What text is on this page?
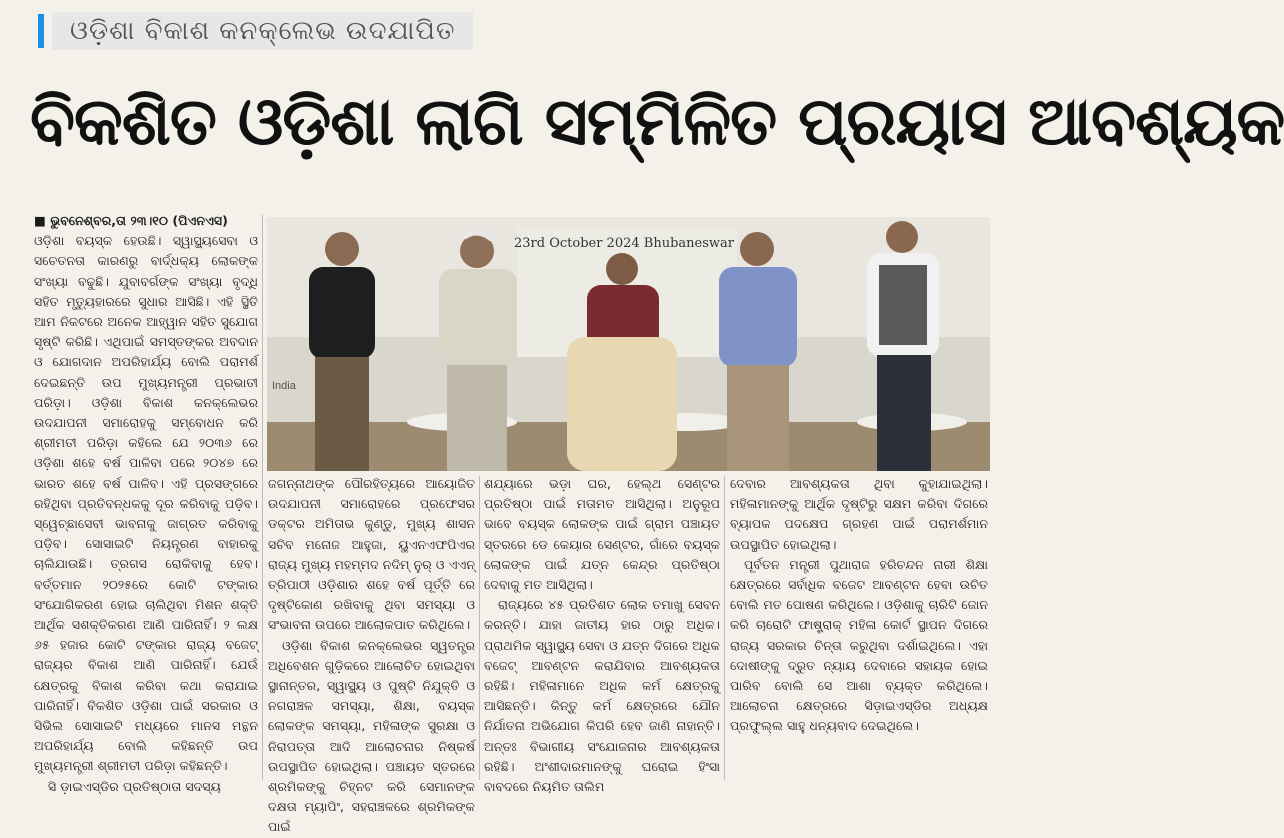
ଓଡ଼ିଶା ବିକାଶ କନକ୍ଲେଭ ଉଦଯାପିତ
ବିକଶିତ ଓଡ଼ିଶା ଲାଗି ସମ୍ମିଳିତ ପ୍ରୟାସ ଆବଶ୍ୟକ

■ ଭୁବନେଶ୍ବର,ତା ୨୩।୧୦ (ପିଏନଏସ)

ଓଡ଼ିଶା ବୟସ୍କ ହେଉଛି। ସ୍ୱାସ୍ଥ୍ୟସେବା ଓ ସଚେତନତା କାରଣରୁ ବାର୍ଦ୍ଧକ୍ୟ ଲୋକଙ୍କ ସଂଖ୍ୟା ବଢୁଛି। ଯୁବାବର୍ଗଙ୍କ ସଂଖ୍ୟା ବୃଦ୍ଧି ସହିତ ମୃତ୍ୟୁହାରରେ ସୁଧାର ଆସିଛି। ଏହି ସ୍ଥିତି ଆମ ନିକଟରେ ଅନେକ ଆହ୍ୱାନ ସହିତ ସୁଯୋଗ ସୃଷ୍ଟି କରିଛି। ଏଥିପାଇଁ ସମସ୍ତଙ୍କର ଅବଦାନ ଓ ଯୋଗଦାନ ଅପରିହାର୍ଯ୍ୟ ବୋଲି ପରାମର୍ଶ ଦେଇଛନ୍ତି ଉପ ମୁଖ୍ୟମନ୍ତ୍ରୀ ପ୍ରଭାତୀ ପରିଡ଼ା। ଓଡ଼ିଶା ବିକାଶ କନକ୍ଲେଭର ଉଦଯାପନୀ ସମାରୋହକୁ ସମ୍ବୋଧନ କରି ଶ୍ରୀମତୀ ପରିଡ଼ା କହିଲେ ଯେ ୨୦୩୬ ରେ ଓଡ଼ିଶା ଶହେ ବର୍ଷ ପାଳିବା ପରେ ୨୦୪୭ ରେ ଭାରତ ଶହେ ବର୍ଷ ପାଳିବ। ଏହି ପ୍ରସଙ୍ଗରେ ରହିଥିବା ପ୍ରତିବନ୍ଧକକୁ ଦୂର କରିବାକୁ ପଡ଼ିବ। ସ୍ୱେଚ୍ଛାସେବୀ ଭାବନାକୁ ଜାଗ୍ରତ କରିବାକୁ ପଡ଼ିବ। ସୋସାଇଟି ନିୟନ୍ତ୍ରଣ ବାହାରକୁ ଚାଲିଯାଉଛି। ତ୍ରଗସ ରୋକିବାକୁ ହେବ। ବର୍ତ୍ତମାନ ୨୦୨୫ରେ କୋଟି ଟଙ୍କାର ସଂଯୋଗିକରଣ ହୋଇ ଚାଲିଥିବା ମିଶନ ଶକ୍ତି ଆର୍ଥିକ ସଶକ୍ତିକରଣ ଆଣି ପାରିନାହିଁ। ୨ ଲକ୍ଷ ୬୫ ହଜାର କୋଟି ଟଙ୍କାର ରାଜ୍ୟ ବଜେଟ୍ ରାଜ୍ୟର ବିକାଶ ଆଣି ପାରିନାହିଁ। ଯେଉଁ କ୍ଷେତ୍ରକୁ ବିକାଶ କରିବା କଥା କରାଯାଇ ପାରିନାହିଁ। ବିକଶିତ ଓଡ଼ିଶା ପାଇଁ ସରକାର ଓ ସିଭିଲ ସୋସାଇଟି ମଧ୍ୟରେ ମାନସ ମନ୍ଥନ ଅପରିହାର୍ଯ୍ୟ ବୋଲି କହିଛନ୍ତି ଉପ ମୁଖ୍ୟମନ୍ତ୍ରୀ ଶ୍ରୀମତୀ ପରିଡ଼ା କହିଛନ୍ତି।

ସି ଡ଼ାଇଏସ୍‌ଡିର ପ୍ରତିଷ୍ଠାତା ସଦସ୍ୟ

23rd October 2024 Bhubaneswar
India

ଜଗନ୍ନାଥଙ୍କ ପୌରହିତ୍ୟରେ ଆୟୋଜିତ ଉଦଯାପନୀ ସମାରୋହରେ ପ୍ରଫେସର ଡକ୍ଟର ଅମିତାଭ କୁଣ୍ଡୁ, ମୁଖ୍ୟ ଶାସନ ସଚିବ ମନୋଜ ଆହୁଜା, ୟୁଏନଏଫପିଏର ରାଜ୍ୟ ମୁଖ୍ୟ ମହମ୍ମଦ ନଦିମ୍ ନୁର୍ ଓ ଏଏନ୍ ତ୍ରିପାଠୀ ଓଡ଼ିଶାର ଶହେ ବର୍ଷ ପୂର୍ତ୍ତି ରେ ଦୃଷ୍ଟିକୋଣ ରଖିବାକୁ ଥିବା ସମସ୍ୟା ଓ ସଂଭାବନା ଉପରେ ଆଲୋକପାତ କରିଥିଲେ।

ଓଡ଼ିଶା ବିକାଶ କନକ୍ଲେଭର ସ୍ୱତନ୍ତ୍ର ଅଧିବେଶନ ଗୁଡ଼ିକରେ ଆଲୋଚିତ ହୋଇଥିବା ସ୍ଥାନାନ୍ତର, ସ୍ୱାସ୍ଥ୍ୟ ଓ ପୁଷ୍ଟି ନିଯୁକ୍ତି ଓ ନଗରାଞ୍ଚଳ ସମସ୍ୟା, ଶିକ୍ଷା, ବୟସ୍କ ଲୋକଙ୍କ ସମସ୍ୟା, ମହିଳାଙ୍କ ସୁରକ୍ଷା ଓ ନିରାପତ୍ତା ଆଦି ଆଲୋଚନାର ନିଷ୍କର୍ଷ ଉପସ୍ଥାପିତ ହୋଇଥିଲା। ପଞ୍ଚାୟତ ସ୍ତରରେ ଶ୍ରମିକଙ୍କୁ ଚିହ୍ନଟ କରି ସେମାନଙ୍କ ଦକ୍ଷତା ମ୍ୟାପିଂ, ସହରାଞ୍ଚଳରେ ଶ୍ରମିକଙ୍କ ପାଇଁ

ଶଯ୍ୟାରେ ଭଡ଼ା ଘର, ହେଲ୍ଥ ସେଣ୍ଟର ପ୍ରତିଷ୍ଠା ପାଇଁ ମତାମତ ଆସିଥିଲା। ଅନୁରୂପ ଭାବେ ବୟସ୍କ ଲୋକଙ୍କ ପାଇଁ ଗ୍ରାମ ପଞ୍ଚାୟତ ସ୍ତରରେ ଡେ କେୟାର ସେଣ୍ଟର, ଗାଁରେ ବୟସ୍କ ଲୋକଙ୍କ ପାଇଁ ଯତ୍ନ କେନ୍ଦ୍ର ପ୍ରତିଷ୍ଠା ଦେବାକୁ ମତ ଆସିଥିଲା।

ରାଜ୍ୟରେ ୪୫ ପ୍ରତିଶତ ଲୋକ ତମାଖୁ ସେବନ କରନ୍ତି। ଯାହା ଜାତୀୟ ହାର ଠାରୁ ଅଧିକ। ପ୍ରାଥମିକ ସ୍ୱାସ୍ଥ୍ୟ ସେବା ଓ ଯତ୍ନ ଦିଗରେ ଅଧିକ ବଜେଟ୍ ଆବଣ୍ଟନ କରାଯିବାର ଆବଶ୍ୟକତା ରହିଛି। ମହିଳାମାନେ ଅଧିକ କର୍ମ କ୍ଷେତ୍ରକୁ ଆସିଛନ୍ତି। କିନ୍ତୁ କର୍ମ କ୍ଷେତ୍ରରେ ଯୌନ ନିର୍ଯାତନା ଅଭିଯୋଗ କିପରି ହେବ ଜାଣି ନାହାନ୍ତି। ଅନ୍ତଃ ବିଭାଗୀୟ ସଂଯୋଜନାର ଆବଶ୍ୟକତା ରହିଛି। ଅଂଶୀଦାରମାନଙ୍କୁ ଘରୋଇ ହିଂସା ବାବଦରେ ନିୟମିତ ତାଲିମ

ଦେବାର ଆବଶ୍ୟକତା ଥିବା କୁହାଯାଇଥିଲା। ମହିଳାମାନଙ୍କୁ ଆର୍ଥିକ ଦୃଷ୍ଟିରୁ ସକ୍ଷମ କରିବା ଦିଗରେ ବ୍ୟାପକ ପଦକ୍ଷେପ ଗ୍ରହଣ ପାଇଁ ପରାମର୍ଶମାନ ଉପସ୍ଥାପିତ ହୋଇଥିଲା।

ପୂର୍ବତନ ମନ୍ତ୍ରୀ ପୁଥାରାଜ ହରିଚନ୍ଦନ ନାରୀ ଶିକ୍ଷା କ୍ଷେତ୍ରରେ ସର୍ବାଧିକ ବଜେଟ ଆବଣ୍ଟନ ହେବା ଉଚିତ ବୋଲି ମତ ପୋଷଣ କରିଥିଲେ। ଓଡ଼ିଶାକୁ ଚାରିଟି ଜୋନ କରି ଚାରୋଟି ଫାଷ୍ଟ୍ରାକ୍ ମହିଳା କୋର୍ଟ ସ୍ଥାପନ ଦିଗରେ ରାଜ୍ୟ ସରକାର ଚିନ୍ତା କରୁଥିବା ଦର୍ଶାଇଥିଲେ। ଏହା ଦୋଷୀଙ୍କୁ ଦ୍ରୁତ ନ୍ୟାୟ ଦେବାରେ ସହାୟକ ହୋଇ ପାରିବ ବୋଲି ସେ ଆଶା ବ୍ୟକ୍ତ କରିଥିଲେ। ଆଲୋଚନା କ୍ଷେତ୍ରରେ ସିଡ଼ାଇଏସ୍‌ଡିର ଅଧ୍ୟକ୍ଷ ପ୍ରଫୁଲ୍ଲ ସାହୁ ଧନ୍ୟବାଦ ଦେଇଥିଲେ।
